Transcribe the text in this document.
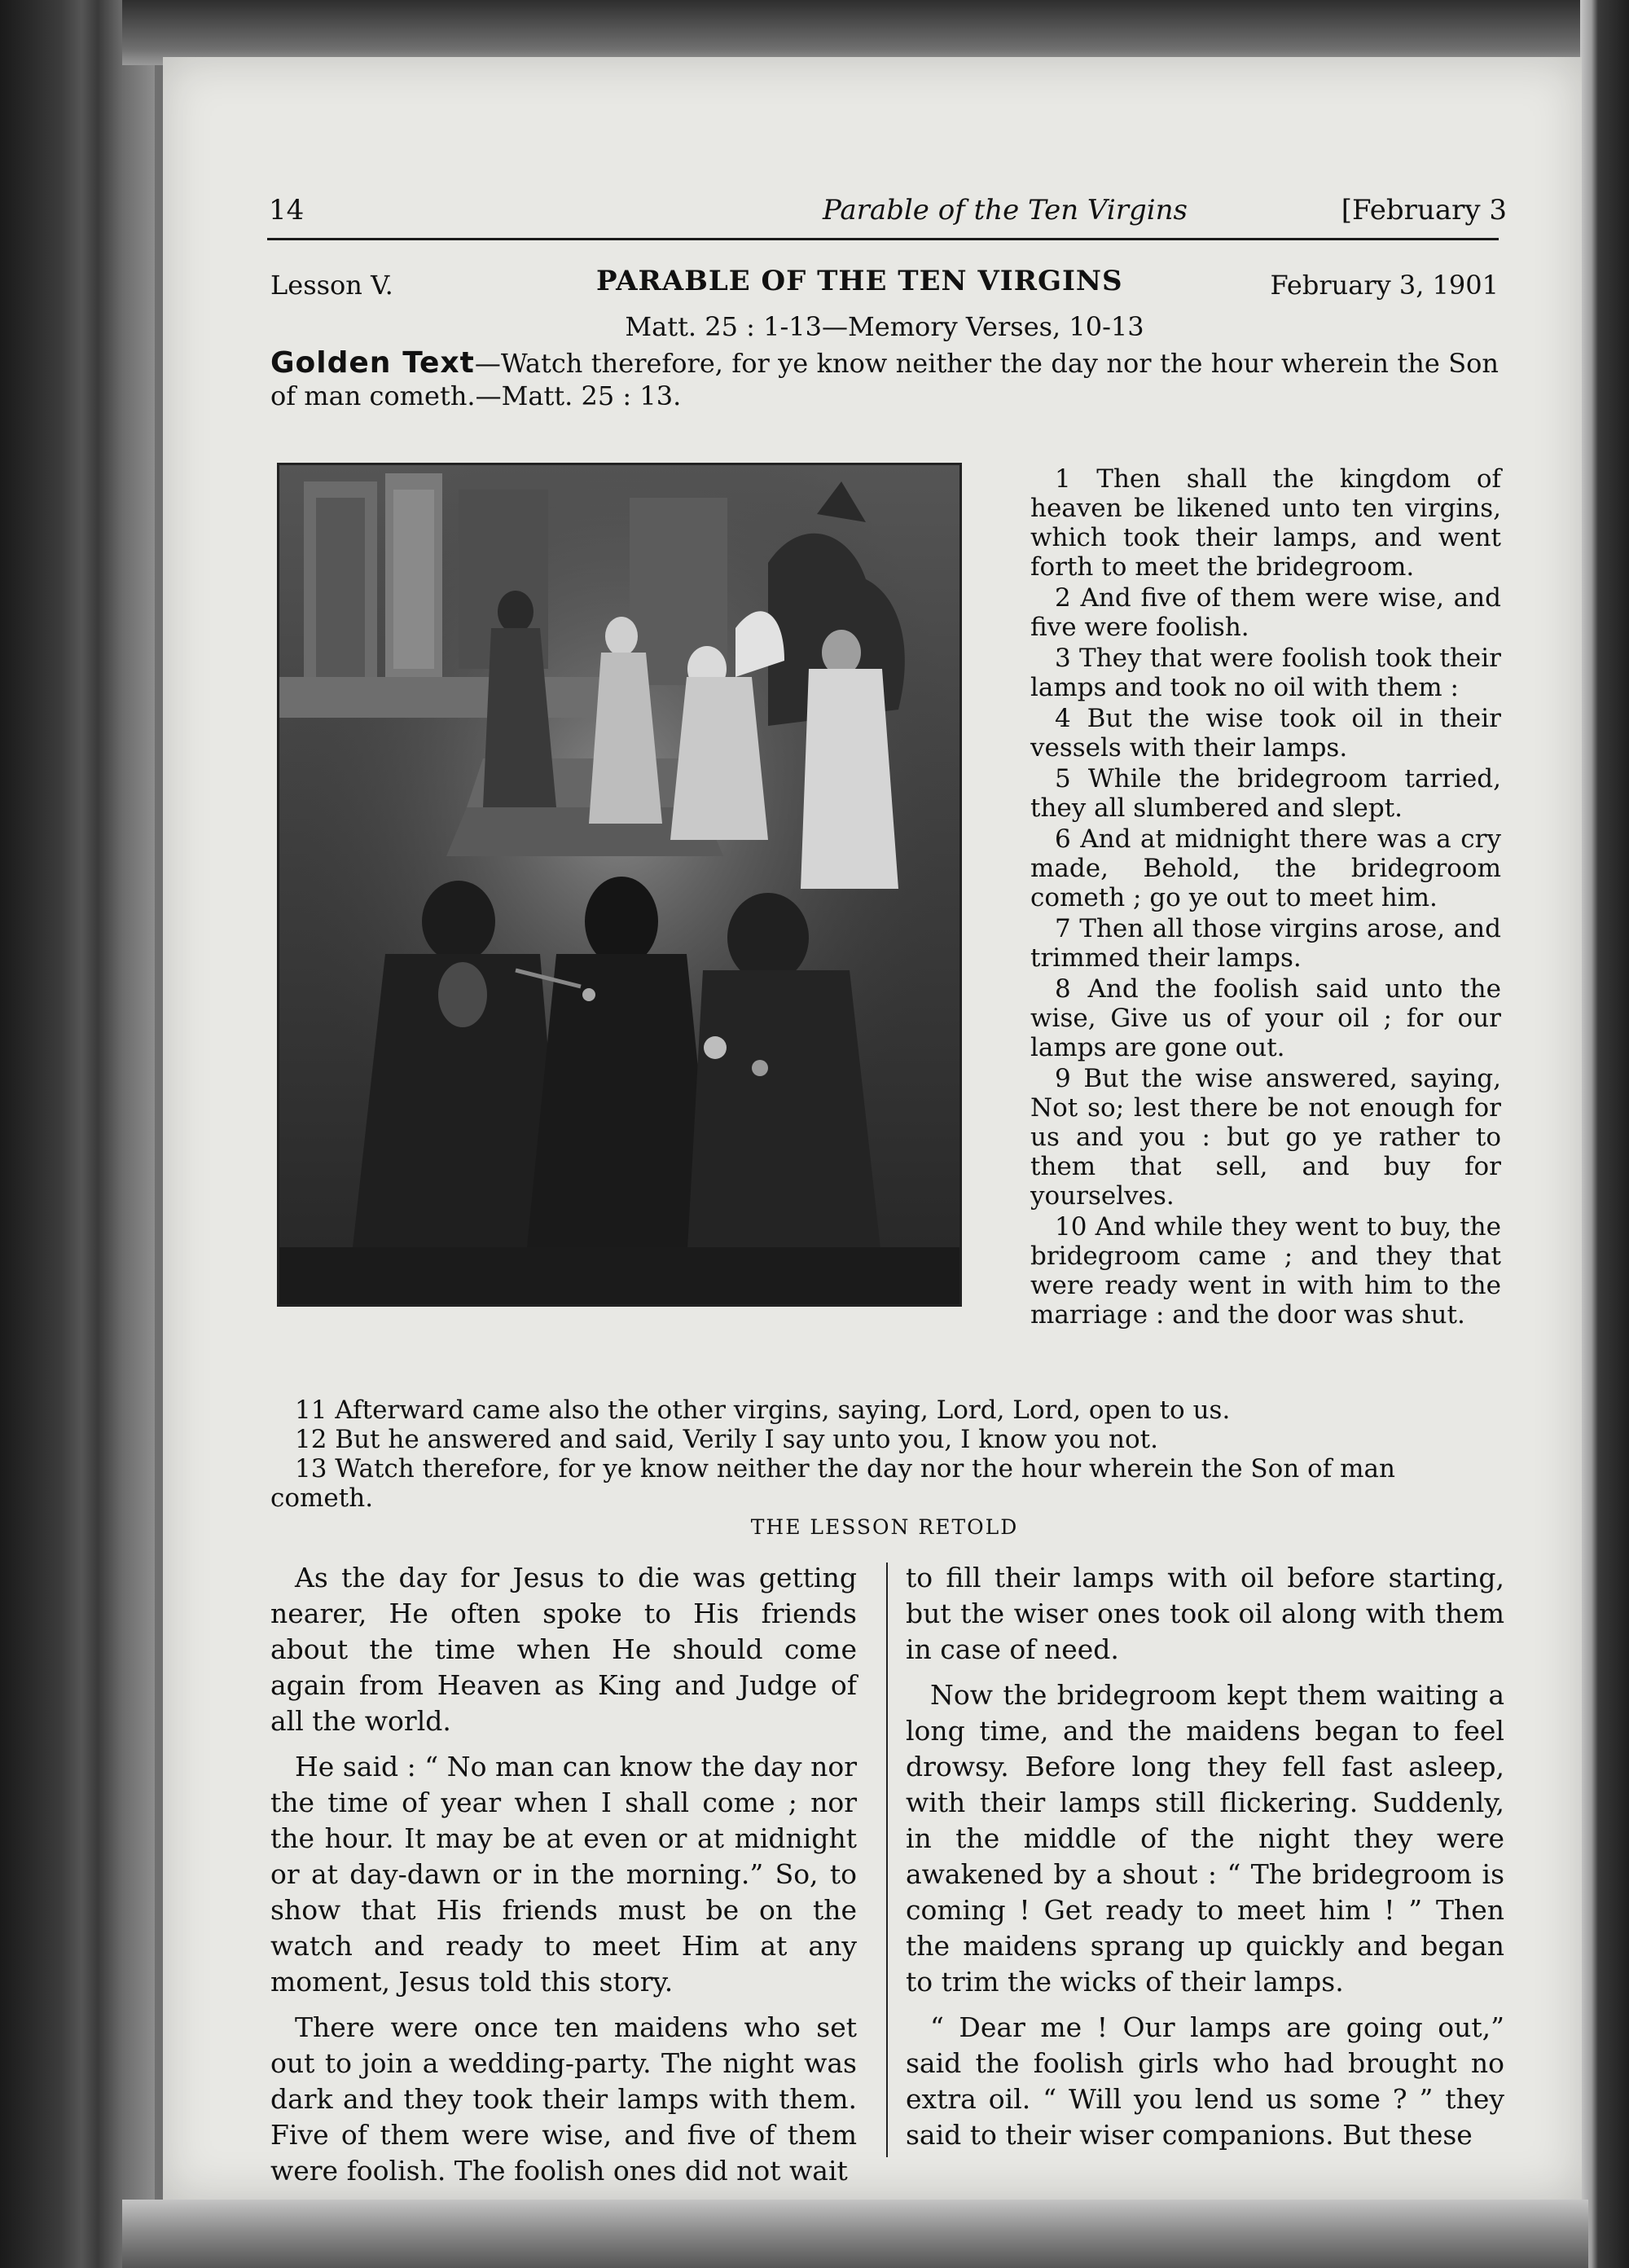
14	Parable of the Ten Virgins	[February 3
Lesson V.	PARABLE OF THE TEN VIRGINS	February 3, 1901
Matt. 25 : 1-13—Memory Verses, 10-13
Golden Text—Watch therefore, for ye know neither the day nor the hour wherein the Son of man cometh.—Matt. 25 : 13.

1 Then shall the kingdom of heaven be likened unto ten virgins, which took their lamps, and went forth to meet the bridegroom.

2 And five of them were wise, and five were foolish.

3 They that were foolish took their lamps and took no oil with them :

4 But the wise took oil in their vessels with their lamps.

5 While the bridegroom tarried, they all slumbered and slept.

6 And at midnight there was a cry made, Behold, the bridegroom cometh ; go ye out to meet him.

7 Then all those virgins arose, and trimmed their lamps.

8 And the foolish said unto the wise, Give us of your oil ; for our lamps are gone out.

9 But the wise answered, saying, Not so; lest there be not enough for us and you : but go ye rather to them that sell, and buy for yourselves.

10 And while they went to buy, the bridegroom came ; and they that were ready went in with him to the marriage : and the door was shut.

11 Afterward came also the other virgins, saying, Lord, Lord, open to us.

12 But he answered and said, Verily I say unto you, I know you not.

13 Watch therefore, for ye know neither the day nor the hour wherein the Son of man cometh.

THE LESSON RETOLD

As the day for Jesus to die was getting nearer, He often spoke to His friends about the time when He should come again from Heaven as King and Judge of all the world.

He said : “ No man can know the day nor the time of year when I shall come ; nor the hour. It may be at even or at midnight or at day-dawn or in the morning.” So, to show that His friends must be on the watch and ready to meet Him at any moment, Jesus told this story.

There were once ten maidens who set out to join a wedding-party. The night was dark and they took their lamps with them. Five of them were wise, and five of them were foolish. The foolish ones did not wait

to fill their lamps with oil before starting, but the wiser ones took oil along with them in case of need.

Now the bridegroom kept them waiting a long time, and the maidens began to feel drowsy. Before long they fell fast asleep, with their lamps still flickering. Suddenly, in the middle of the night they were awakened by a shout : “ The bridegroom is coming ! Get ready to meet him ! ” Then the maidens sprang up quickly and began to trim the wicks of their lamps.

“ Dear me ! Our lamps are going out,” said the foolish girls who had brought no extra oil. “ Will you lend us some ? ” they said to their wiser companions. But these
